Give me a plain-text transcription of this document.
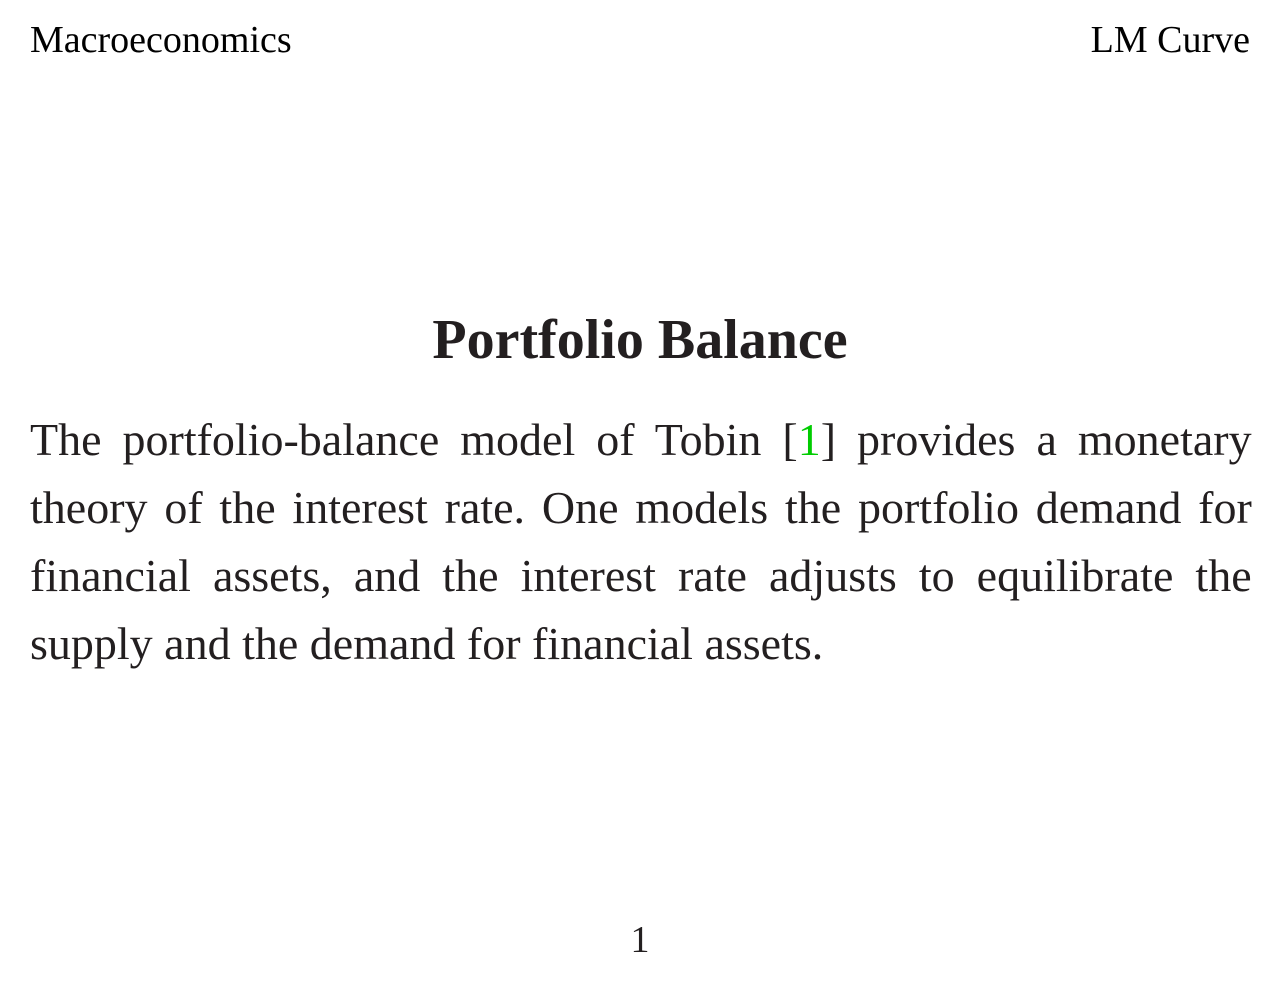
Macroeconomics	LM Curve
Portfolio Balance
The portfolio-balance model of Tobin [1] provides a monetary
theory of the interest rate. One models the portfolio demand for
financial assets, and the interest rate adjusts to equilibrate the
supply and the demand for financial assets.
1
